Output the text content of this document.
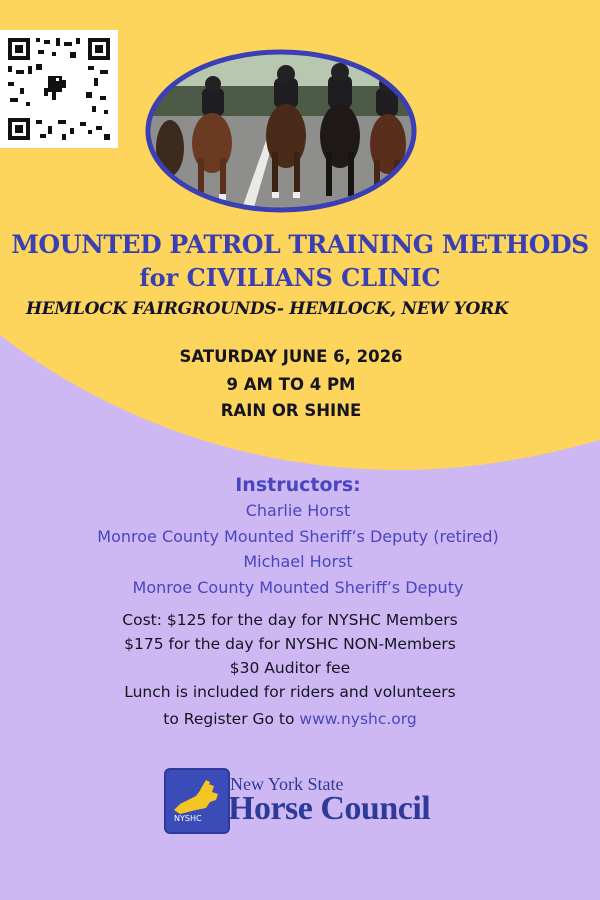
MOUNTED PATROL TRAINING METHODS
for CIVILIANS CLINIC
HEMLOCK FAIRGROUNDS- HEMLOCK, NEW YORK
SATURDAY JUNE 6, 2026
9 AM TO 4 PM
RAIN OR SHINE
Instructors:
Charlie Horst
Monroe County Mounted Sheriff’s Deputy (retired)
Michael Horst
Monroe County Mounted Sheriff’s Deputy
Cost: $125 for the day for NYSHC Members
$175 for the day for NYSHC NON-Members
$30 Auditor fee
Lunch is included for riders and volunteers
to Register Go to www.nyshc.org
NYSHC
New York State
Horse Council
